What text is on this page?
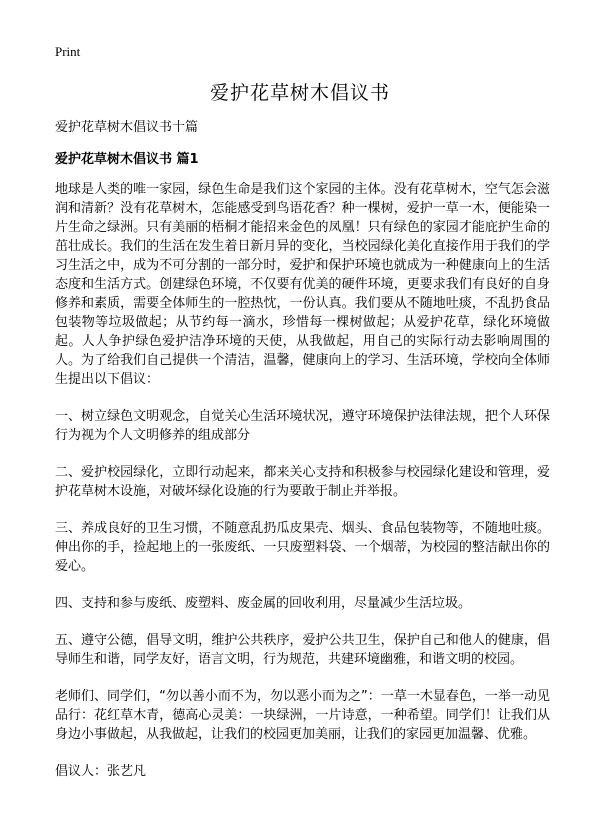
Print
爱护花草树木倡议书

爱护花草树木倡议书十篇

爱护花草树木倡议书 篇1

地球是人类的唯一家园，绿色生命是我们这个家园的主体。没有花草树木，空气怎会滋润和清新？没有花草树木，怎能感受到鸟语花香？种一棵树，爱护一草一木，便能染一片生命之绿洲。只有美丽的梧桐才能招来金色的凤凰！只有绿色的家园才能庇护生命的茁壮成长。我们的生活在发生着日新月异的变化，当校园绿化美化直接作用于我们的学习生活之中，成为不可分割的一部分时，爱护和保护环境也就成为一种健康向上的生活态度和生活方式。创建绿色环境，不仅要有优美的硬件环境，更要求我们有良好的自身修养和素质，需要全体师生的一腔热忱，一份认真。我们要从不随地吐痰，不乱扔食品包装物等垃圾做起；从节约每一滴水，珍惜每一棵树做起；从爱护花草，绿化环境做起。人人争护绿色爱护洁净环境的天使，从我做起，用自己的实际行动去影响周围的人。为了给我们自己提供一个清洁，温馨，健康向上的学习、生活环境，学校向全体师生提出以下倡议：

一、树立绿色文明观念，自觉关心生活环境状况，遵守环境保护法律法规，把个人环保行为视为个人文明修养的组成部分

二、爱护校园绿化，立即行动起来，都来关心支持和积极参与校园绿化建设和管理，爱护花草树木设施，对破坏绿化设施的行为要敢于制止并举报。

三、养成良好的卫生习惯，不随意乱扔瓜皮果壳、烟头、食品包装物等，不随地吐痰。伸出你的手，捡起地上的一张废纸、一只废塑料袋、一个烟蒂，为校园的整洁献出你的爱心。

四、支持和参与废纸、废塑料、废金属的回收利用，尽量减少生活垃圾。

五、遵守公德，倡导文明，维护公共秩序，爱护公共卫生，保护自己和他人的健康，倡导师生和谐，同学友好，语言文明，行为规范，共建环境幽雅，和谐文明的校园。

老师们、同学们，“勿以善小而不为，勿以恶小而为之”：一草一木显春色，一举一动见品行：花红草木青，德高心灵美：一块绿洲，一片诗意，一种希望。同学们！让我们从身边小事做起，从我做起，让我们的校园更加美丽，让我们的家园更加温馨、优雅。

倡议人：张艺凡
